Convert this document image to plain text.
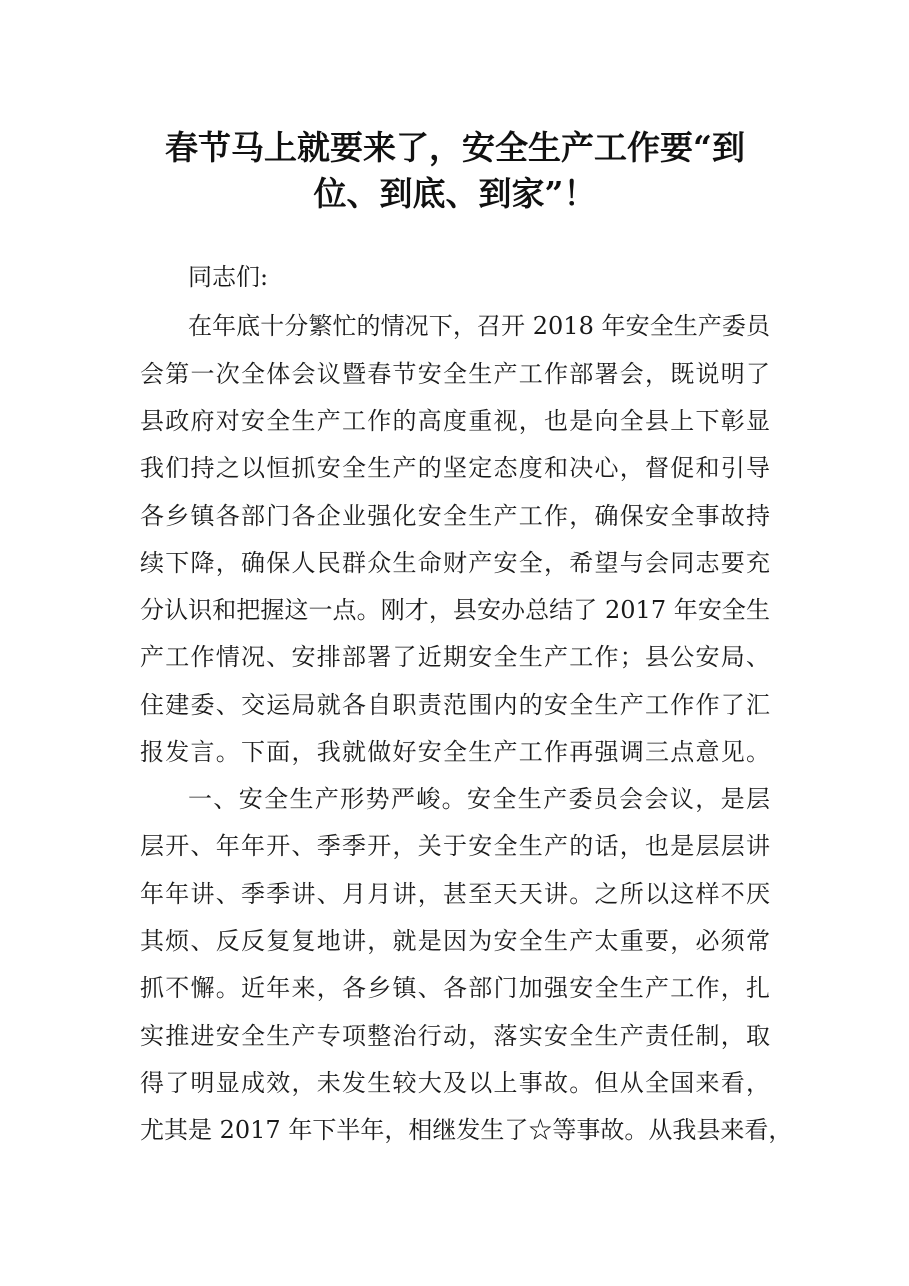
春节马上就要来了，安全生产工作要“到
位、到底、到家”！
同志们:
在年底十分繁忙的情况下，召开 2018 年安全生产委员
会第一次全体会议暨春节安全生产工作部署会，既说明了
县政府对安全生产工作的高度重视，也是向全县上下彰显
我们持之以恒抓安全生产的坚定态度和决心，督促和引导
各乡镇各部门各企业强化安全生产工作，确保安全事故持
续下降，确保人民群众生命财产安全，希望与会同志要充
分认识和把握这一点。刚才，县安办总结了 2017 年安全生
产工作情况、安排部署了近期安全生产工作；县公安局、
住建委、交运局就各自职责范围内的安全生产工作作了汇
报发言。下面，我就做好安全生产工作再强调三点意见。
一、安全生产形势严峻。安全生产委员会会议，是层
层开、年年开、季季开，关于安全生产的话，也是层层讲
年年讲、季季讲、月月讲，甚至天天讲。之所以这样不厌
其烦、反反复复地讲，就是因为安全生产太重要，必须常
抓不懈。近年来，各乡镇、各部门加强安全生产工作，扎
实推进安全生产专项整治行动，落实安全生产责任制，取
得了明显成效，未发生较大及以上事故。但从全国来看，
尤其是 2017 年下半年，相继发生了☆等事故。从我县来看，
